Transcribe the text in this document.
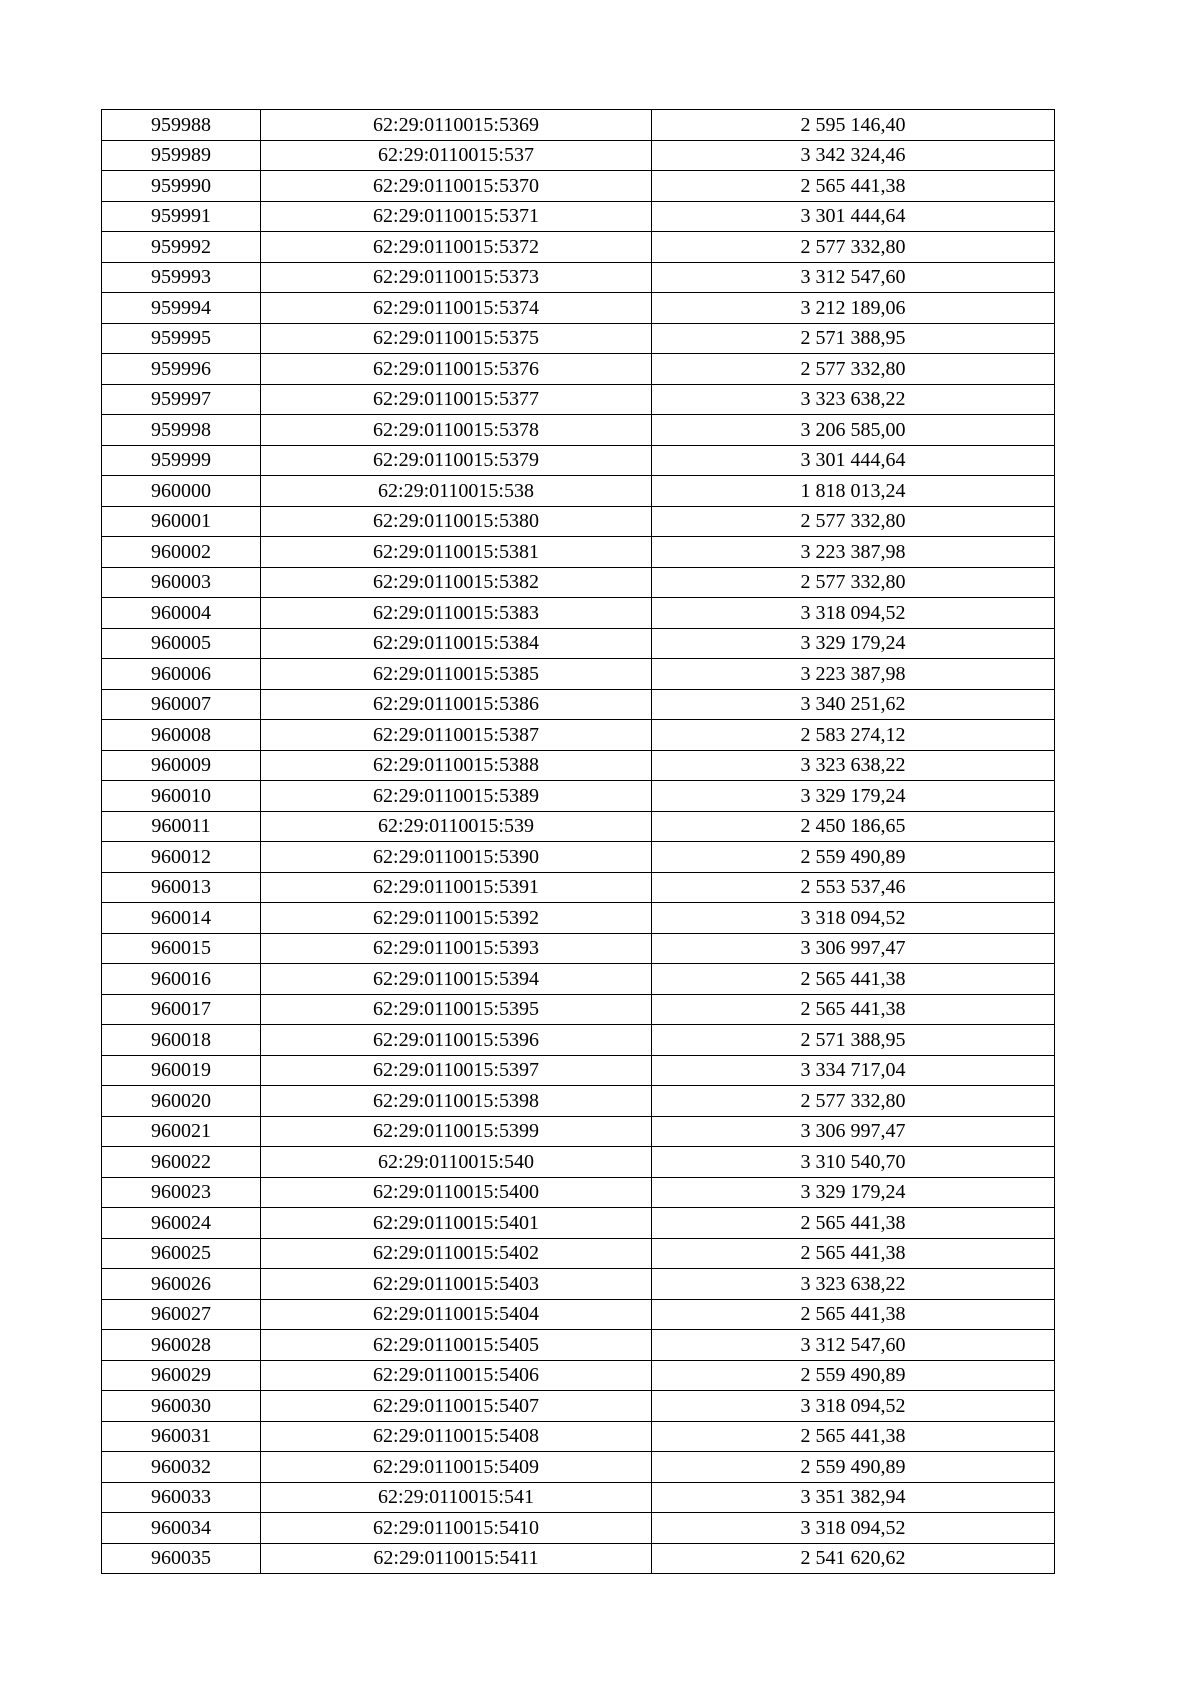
959988	62:29:0110015:5369	2 595 146,40
959989	62:29:0110015:537	3 342 324,46
959990	62:29:0110015:5370	2 565 441,38
959991	62:29:0110015:5371	3 301 444,64
959992	62:29:0110015:5372	2 577 332,80
959993	62:29:0110015:5373	3 312 547,60
959994	62:29:0110015:5374	3 212 189,06
959995	62:29:0110015:5375	2 571 388,95
959996	62:29:0110015:5376	2 577 332,80
959997	62:29:0110015:5377	3 323 638,22
959998	62:29:0110015:5378	3 206 585,00
959999	62:29:0110015:5379	3 301 444,64
960000	62:29:0110015:538	1 818 013,24
960001	62:29:0110015:5380	2 577 332,80
960002	62:29:0110015:5381	3 223 387,98
960003	62:29:0110015:5382	2 577 332,80
960004	62:29:0110015:5383	3 318 094,52
960005	62:29:0110015:5384	3 329 179,24
960006	62:29:0110015:5385	3 223 387,98
960007	62:29:0110015:5386	3 340 251,62
960008	62:29:0110015:5387	2 583 274,12
960009	62:29:0110015:5388	3 323 638,22
960010	62:29:0110015:5389	3 329 179,24
960011	62:29:0110015:539	2 450 186,65
960012	62:29:0110015:5390	2 559 490,89
960013	62:29:0110015:5391	2 553 537,46
960014	62:29:0110015:5392	3 318 094,52
960015	62:29:0110015:5393	3 306 997,47
960016	62:29:0110015:5394	2 565 441,38
960017	62:29:0110015:5395	2 565 441,38
960018	62:29:0110015:5396	2 571 388,95
960019	62:29:0110015:5397	3 334 717,04
960020	62:29:0110015:5398	2 577 332,80
960021	62:29:0110015:5399	3 306 997,47
960022	62:29:0110015:540	3 310 540,70
960023	62:29:0110015:5400	3 329 179,24
960024	62:29:0110015:5401	2 565 441,38
960025	62:29:0110015:5402	2 565 441,38
960026	62:29:0110015:5403	3 323 638,22
960027	62:29:0110015:5404	2 565 441,38
960028	62:29:0110015:5405	3 312 547,60
960029	62:29:0110015:5406	2 559 490,89
960030	62:29:0110015:5407	3 318 094,52
960031	62:29:0110015:5408	2 565 441,38
960032	62:29:0110015:5409	2 559 490,89
960033	62:29:0110015:541	3 351 382,94
960034	62:29:0110015:5410	3 318 094,52
960035	62:29:0110015:5411	2 541 620,62
